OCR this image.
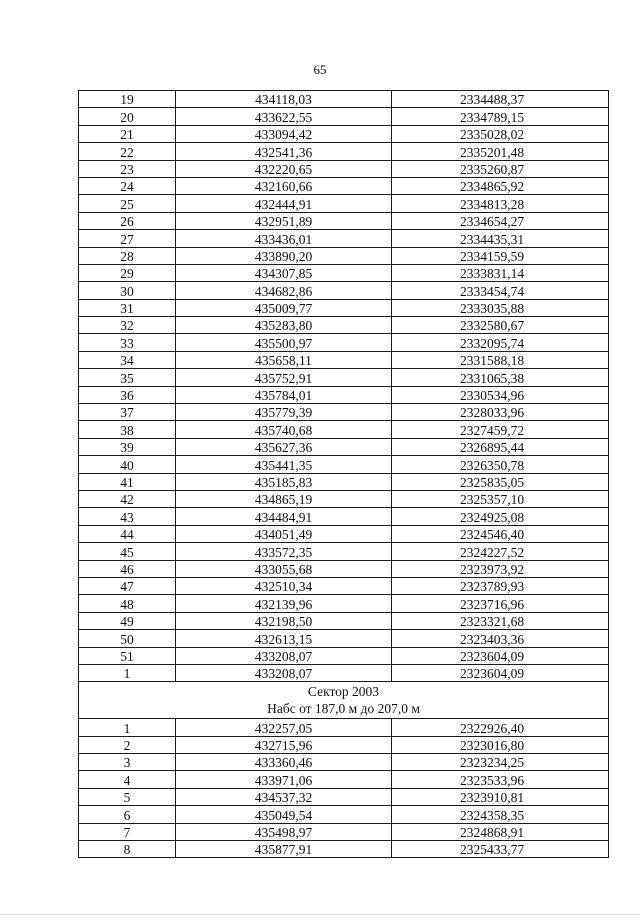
65
19	434118,03	2334488,37
20	433622,55	2334789,15
21	433094,42	2335028,02
22	432541,36	2335201,48
23	432220,65	2335260,87
24	432160,66	2334865,92
25	432444,91	2334813,28
26	432951,89	2334654,27
27	433436,01	2334435,31
28	433890,20	2334159,59
29	434307,85	2333831,14
30	434682,86	2333454,74
31	435009,77	2333035,88
32	435283,80	2332580,67
33	435500,97	2332095,74
34	435658,11	2331588,18
35	435752,91	2331065,38
36	435784,01	2330534,96
37	435779,39	2328033,96
38	435740,68	2327459,72
39	435627,36	2326895,44
40	435441,35	2326350,78
41	435185,83	2325835,05
42	434865,19	2325357,10
43	434484,91	2324925,08
44	434051,49	2324546,40
45	433572,35	2324227,52
46	433055,68	2323973,92
47	432510,34	2323789,93
48	432139,96	2323716,96
49	432198,50	2323321,68
50	432613,15	2323403,36
51	433208,07	2323604,09
1	433208,07	2323604,09

Сектор 2003
Набс от 187,0 м до 207,0 м		

1	432257,05	2322926,40
2	432715,96	2323016,80
3	433360,46	2323234,25
4	433971,06	2323533,96
5	434537,32	2323910,81
6	435049,54	2324358,35
7	435498,97	2324868,91
8	435877,91	2325433,77
